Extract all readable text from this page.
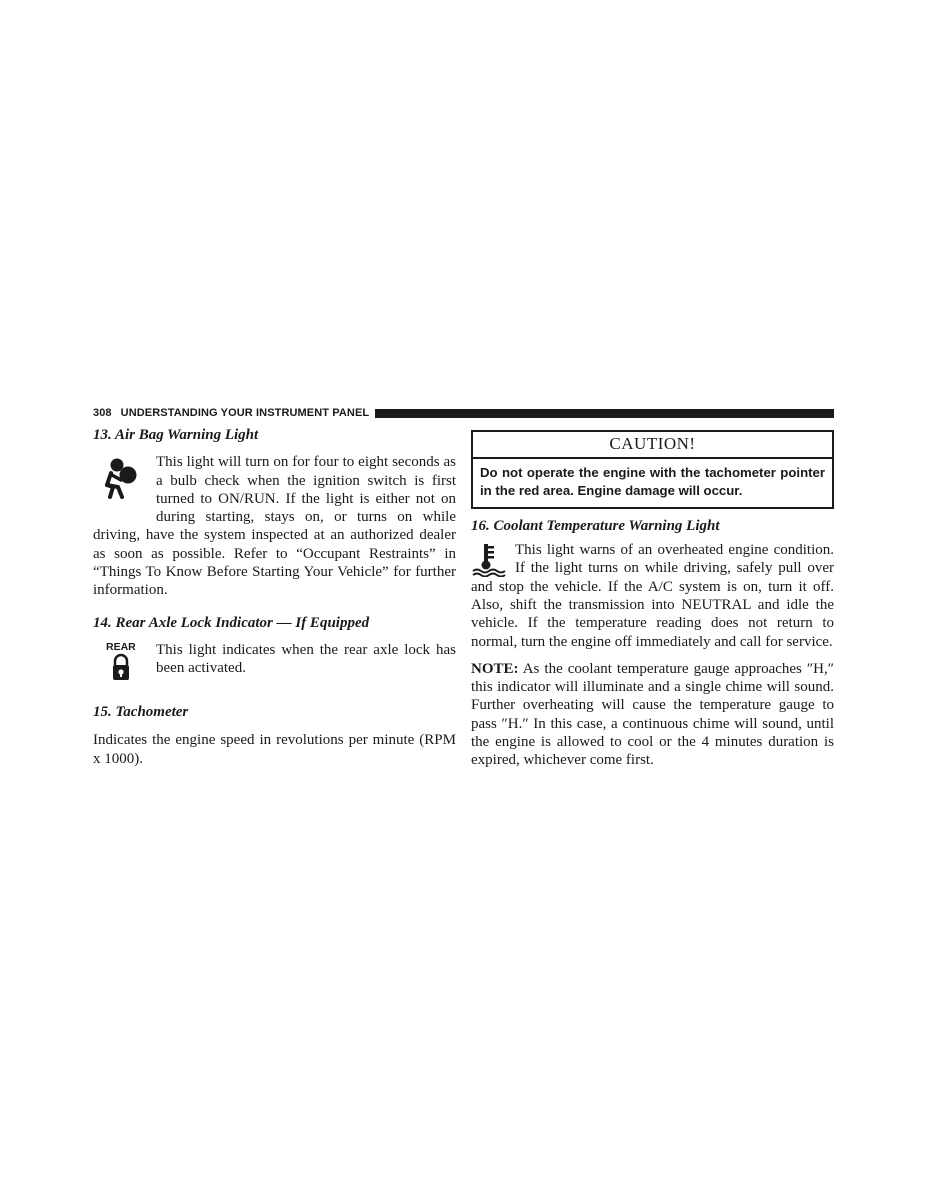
308 UNDERSTANDING YOUR INSTRUMENT PANEL

13. Air Bag Warning Light

This light will turn on for four to eight seconds as a bulb check when the ignition switch is first turned to ON/RUN. If the light is either not on during starting, stays on, or turns on while driving, have the system inspected at an authorized dealer as soon as possible. Refer to “Occupant Restraints” in “Things To Know Before Starting Your Vehicle” for further information.

14. Rear Axle Lock Indicator — If Equipped

REAR	This light indicates when the rear axle lock has been activated.

15. Tachometer

Indicates the engine speed in revolutions per minute (RPM x 1000).

CAUTION!
Do not operate the engine with the tachometer pointer in the red area. Engine damage will occur.

16. Coolant Temperature Warning Light

This light warns of an overheated engine condition. If the light turns on while driving, safely pull over and stop the vehicle. If the A/C system is on, turn it off. Also, shift the transmission into NEUTRAL and idle the vehicle. If the temperature reading does not return to normal, turn the engine off immediately and call for service.

NOTE: As the coolant temperature gauge approaches ″H,″ this indicator will illuminate and a single chime will sound. Further overheating will cause the temperature gauge to pass ″H.″ In this case, a continuous chime will sound, until the engine is allowed to cool or the 4 minutes duration is expired, whichever come first.
